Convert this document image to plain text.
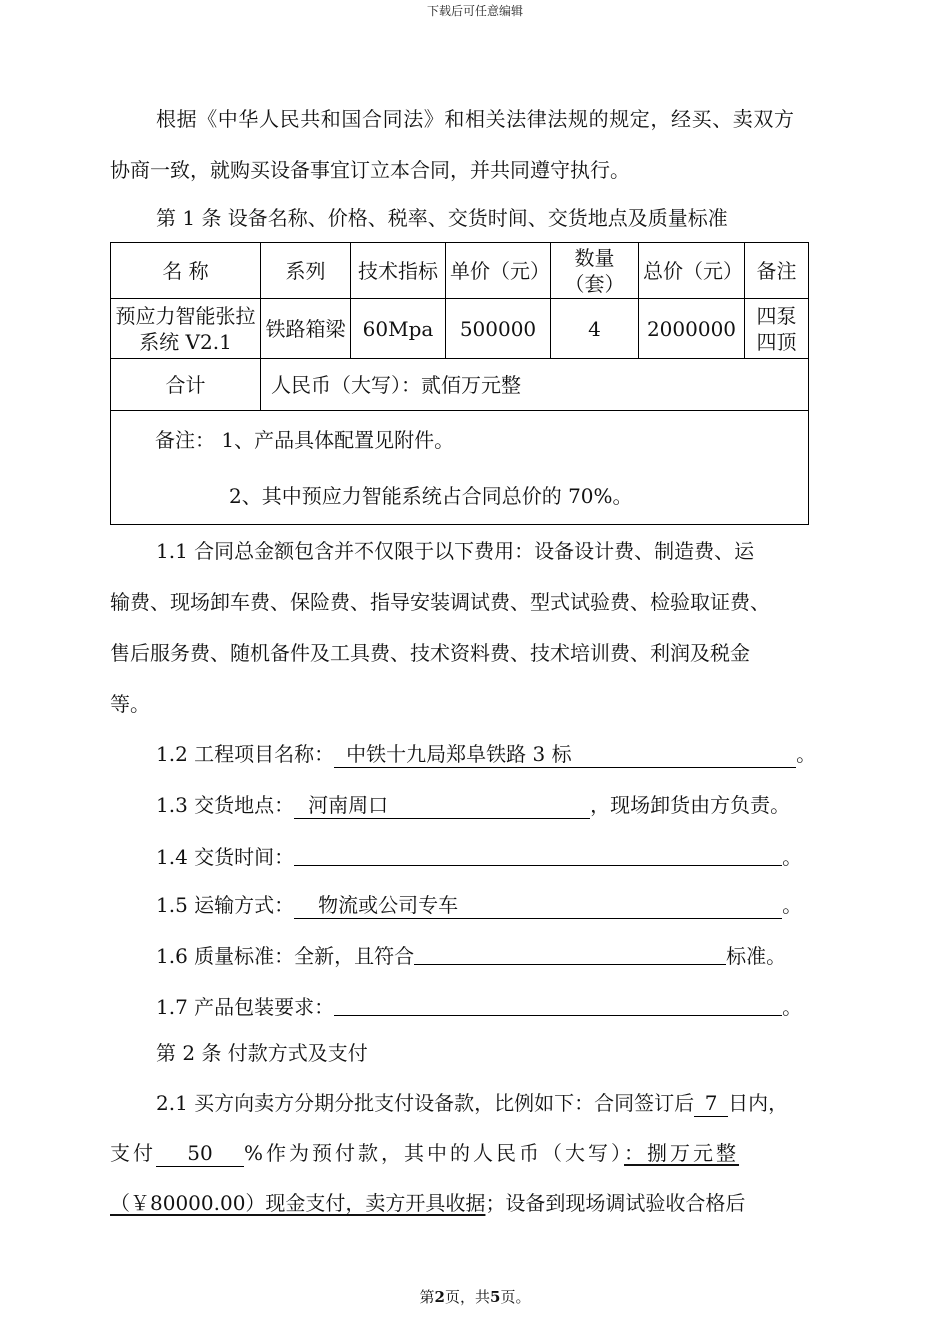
下载后可任意编辑
根据《中华人民共和国合同法》和相关法律法规的规定，经买、卖双方
协商一致，就购买设备事宜订立本合同，并共同遵守执行。
第 1 条 设备名称、价格、税率、交货时间、交货地点及质量标准
名 称	系列	技术指标	单价（元）	数量（套）	总价（元）	备注
预应力智能张拉系统 V2.1	铁路箱梁	60Mpa	500000	4	2000000	四泵四顶
合计	人民币（大写）：贰佰万元整					

备注： 1、产品具体配置见附件。
2、其中预应力智能系统占合同总价的 70%。						
1.1 合同总金额包含并不仅限于以下费用：设备设计费、制造费、运
输费、现场卸车费、保险费、指导安装调试费、型式试验费、检验取证费、
售后服务费、随机备件及工具费、技术资料费、技术培训费、利润及税金
等。
1.2 工程项目名称： 中铁十九局郑阜铁路 3 标	。
1.3 交货地点： 河南周口	，现场卸货由方负责。
1.4 交货时间：	。
1.5 运输方式： 物流或公司专车	。
1.6 质量标准：全新，且符合	标准。
1.7 产品包装要求：	。
第 2 条 付款方式及支付
2.1 买方向卖方分期分批支付设备款，比例如下：合同签订后 7 日内，
支付 50 %作为预付款，其中的人民币（大写）：捌万元整
（￥80000.00）现金支付，卖方开具收据；设备到现场调试验收合格后
第2页，共5页。
